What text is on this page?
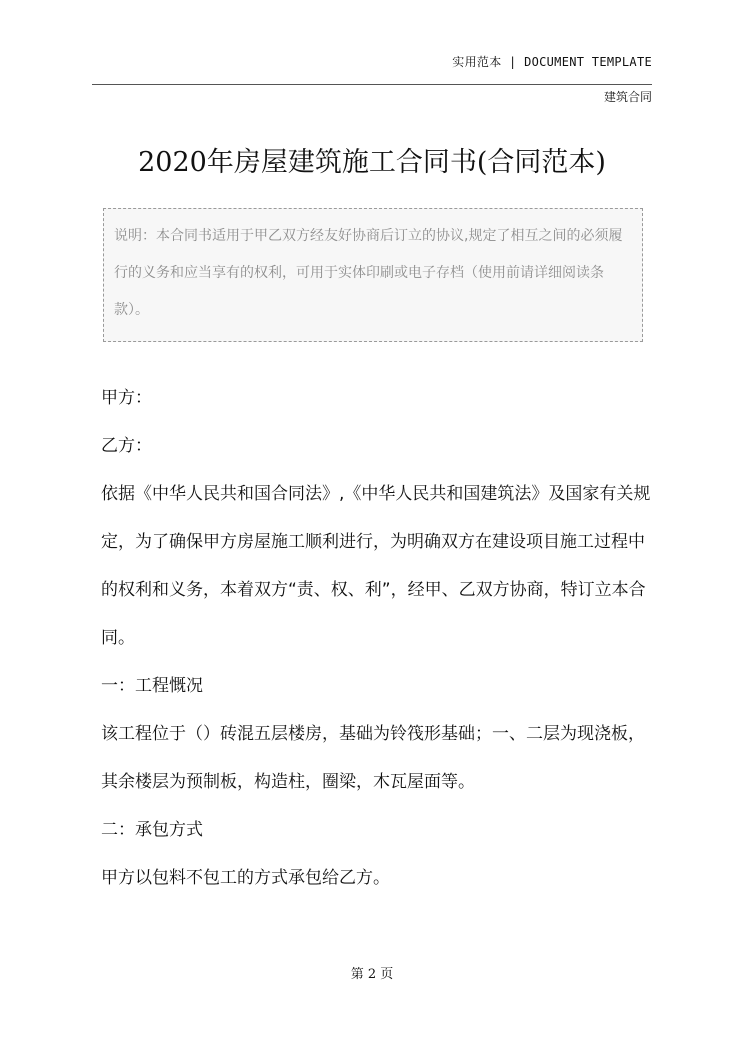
实用范本 | DOCUMENT TEMPLATE
建筑合同
2020年房屋建筑施工合同书(合同范本)
说明：本合同书适用于甲乙双方经友好协商后订立的协议,规定了相互之间的必须履行的义务和应当享有的权利，可用于实体印刷或电子存档（使用前请详细阅读条款）。

甲方：

乙方：

依据《中华人民共和国合同法》,《中华人民共和国建筑法》及国家有关规定，为了确保甲方房屋施工顺利进行，为明确双方在建设项目施工过程中的权利和义务，本着双方“责、权、利”，经甲、乙双方协商，特订立本合同。

一：工程慨况

该工程位于（）砖混五层楼房，基础为铃筏形基础；一、二层为现浇板，其余楼层为预制板，构造柱，圈梁，木瓦屋面等。

二：承包方式

甲方以包料不包工的方式承包给乙方。

第 2 页
